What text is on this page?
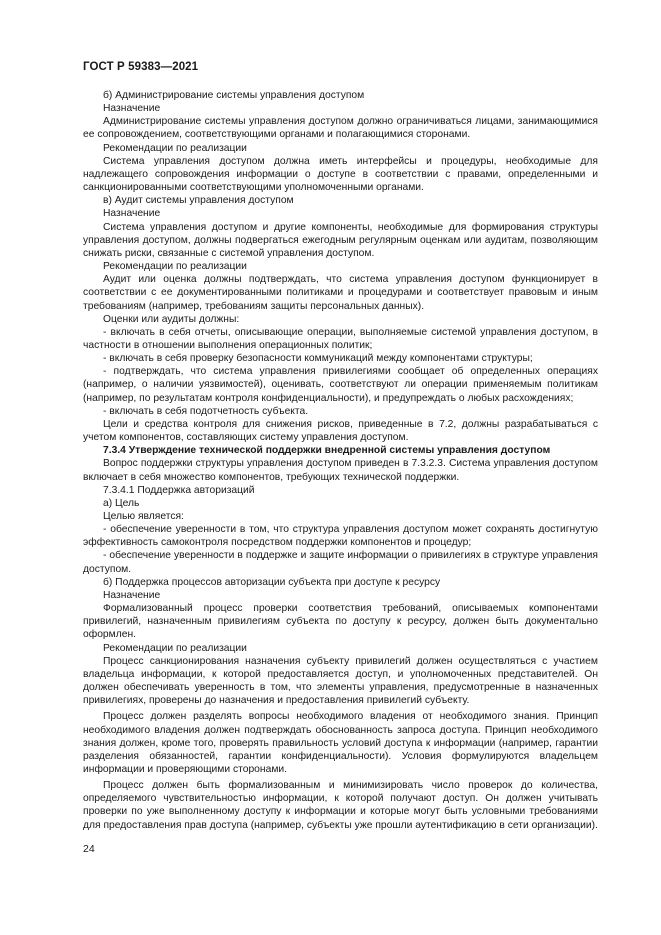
ГОСТ Р 59383—2021

б) Администрирование системы управления доступом

Назначение

Администрирование системы управления доступом должно ограничиваться лицами, занимающимися ее сопровождением, соответствующими органами и полагающимися сторонами.

Рекомендации по реализации

Система управления доступом должна иметь интерфейсы и процедуры, необходимые для надлежащего сопровождения информации о доступе в соответствии с правами, определенными и санкционированными соответствующими уполномоченными органами.

в) Аудит системы управления доступом

Назначение

Система управления доступом и другие компоненты, необходимые для формирования структуры управления доступом, должны подвергаться ежегодным регулярным оценкам или аудитам, позволяющим снижать риски, связанные с системой управления доступом.

Рекомендации по реализации

Аудит или оценка должны подтверждать, что система управления доступом функционирует в соответствии с ее документированными политиками и процедурами и соответствует правовым и иным требованиям (например, требованиям защиты персональных данных).

Оценки или аудиты должны:

- включать в себя отчеты, описывающие операции, выполняемые системой управления доступом, в частности в отношении выполнения операционных политик;

- включать в себя проверку безопасности коммуникаций между компонентами структуры;

- подтверждать, что система управления привилегиями сообщает об определенных операциях (например, о наличии уязвимостей), оценивать, соответствуют ли операции применяемым политикам (например, по результатам контроля конфиденциальности), и предупреждать о любых расхождениях;

- включать в себя подотчетность субъекта.

Цели и средства контроля для снижения рисков, приведенные в 7.2, должны разрабатываться с учетом компонентов, составляющих систему управления доступом.

7.3.4 Утверждение технической поддержки внедренной системы управления доступом

Вопрос поддержки структуры управления доступом приведен в 7.3.2.3. Система управления доступом включает в себя множество компонентов, требующих технической поддержки.

7.3.4.1 Поддержка авторизаций

а) Цель

Целью является:

- обеспечение уверенности в том, что структура управления доступом может сохранять достигнутую эффективность самоконтроля посредством поддержки компонентов и процедур;

- обеспечение уверенности в поддержке и защите информации о привилегиях в структуре управления доступом.

б) Поддержка процессов авторизации субъекта при доступе к ресурсу

Назначение

Формализованный процесс проверки соответствия требований, описываемых компонентами привилегий, назначенным привилегиям субъекта по доступу к ресурсу, должен быть документально оформлен.

Рекомендации по реализации

Процесс санкционирования назначения субъекту привилегий должен осуществляться с участием владельца информации, к которой предоставляется доступ, и уполномоченных представителей. Он должен обеспечивать уверенность в том, что элементы управления, предусмотренные в назначенных привилегиях, проверены до назначения и предоставления привилегий субъекту.

Процесс должен разделять вопросы необходимого владения от необходимого знания. Принцип необходимого владения должен подтверждать обоснованность запроса доступа. Принцип необходимого знания должен, кроме того, проверять правильность условий доступа к информации (например, гарантии разделения обязанностей, гарантии конфиденциальности). Условия формулируются владельцем информации и проверяющими сторонами.

Процесс должен быть формализованным и минимизировать число проверок до количества, определяемого чувствительностью информации, к которой получают доступ. Он должен учитывать проверки по уже выполненному доступу к информации и которые могут быть условными требованиями для предоставления прав доступа (например, субъекты уже прошли аутентификацию в сети организации).

24
